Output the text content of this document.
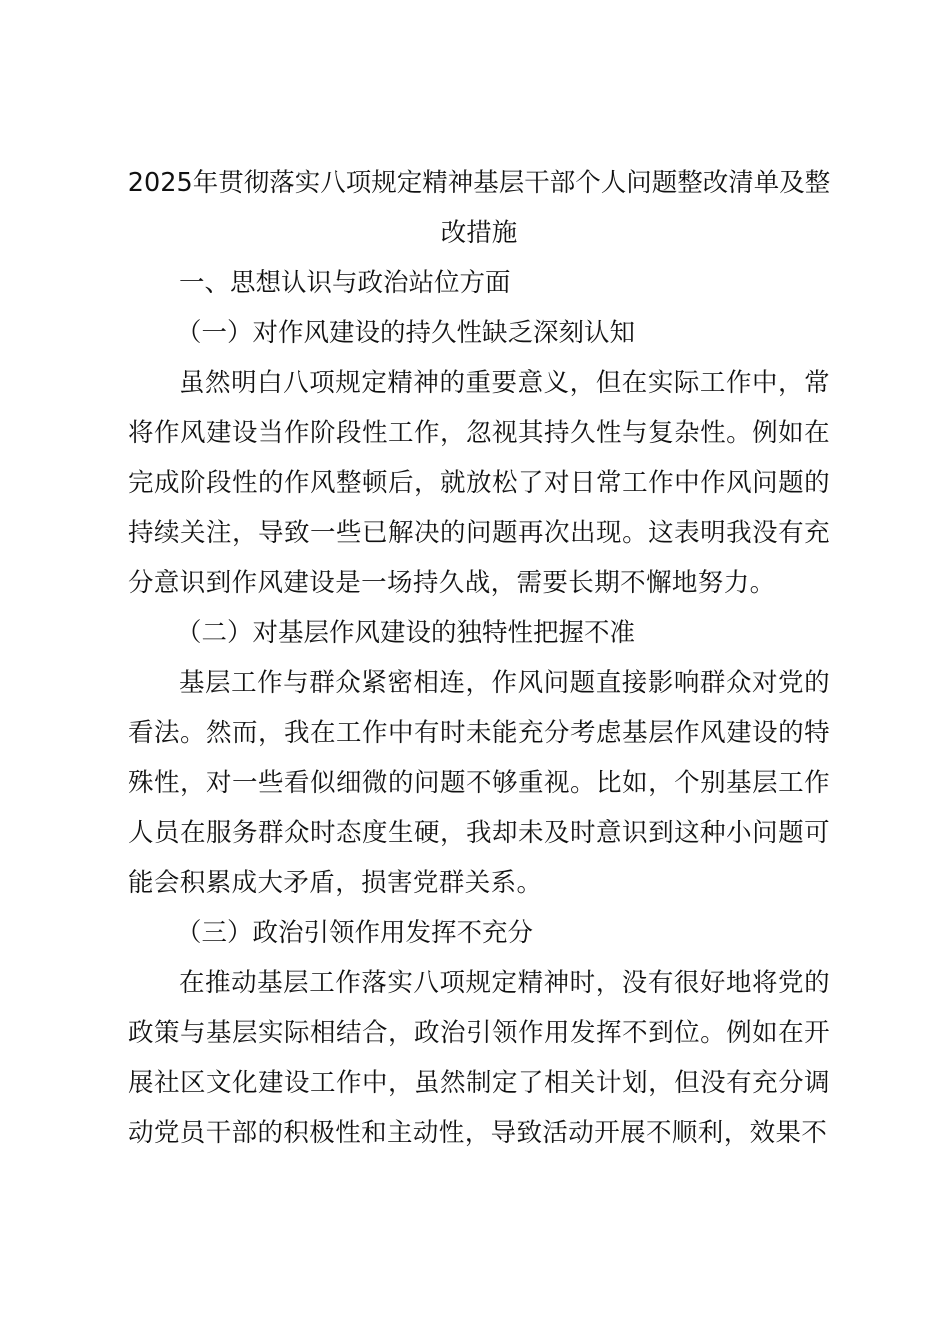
2025年贯彻落实八项规定精神基层干部个人问题整改清单及整改措施

一、思想认识与政治站位方面

（一）对作风建设的持久性缺乏深刻认知

虽然明白八项规定精神的重要意义，但在实际工作中，常将作风建设当作阶段性工作，忽视其持久性与复杂性。例如在完成阶段性的作风整顿后，就放松了对日常工作中作风问题的持续关注，导致一些已解决的问题再次出现。这表明我没有充分意识到作风建设是一场持久战，需要长期不懈地努力。

（二）对基层作风建设的独特性把握不准

基层工作与群众紧密相连，作风问题直接影响群众对党的看法。然而，我在工作中有时未能充分考虑基层作风建设的特殊性，对一些看似细微的问题不够重视。比如，个别基层工作人员在服务群众时态度生硬，我却未及时意识到这种小问题可能会积累成大矛盾，损害党群关系。

（三）政治引领作用发挥不充分

在推动基层工作落实八项规定精神时，没有很好地将党的政策与基层实际相结合，政治引领作用发挥不到位。例如在开展社区文化建设工作中，虽然制定了相关计划，但没有充分调动党员干部的积极性和主动性，导致活动开展不顺利，效果不
